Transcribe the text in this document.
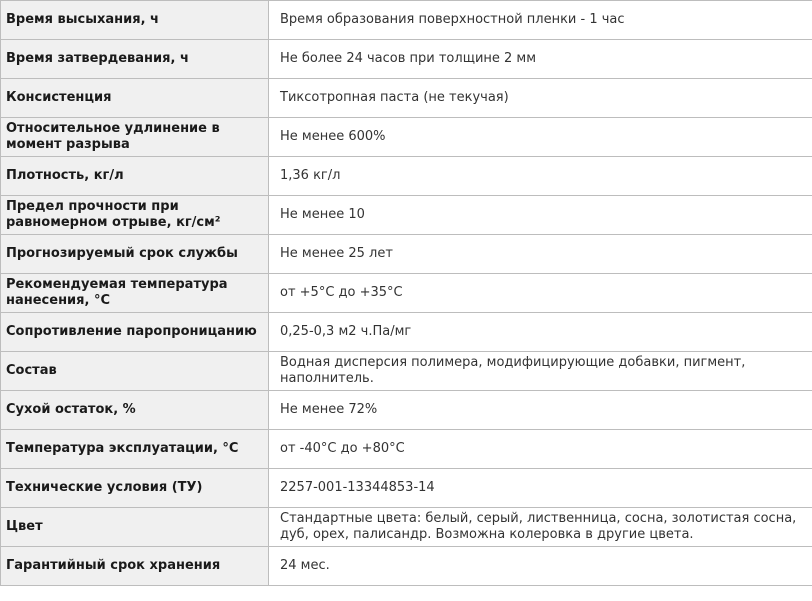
Время высыхания, ч	Время образования поверхностной пленки - 1 час
Время затвердевания, ч	Не более 24 часов при толщине 2 мм
Консистенция	Тиксотропная паста (не текучая)
Относительное удлинение в момент разрыва	Не менее 600%
Плотность, кг/л	1,36 кг/л
Предел прочности при равномерном отрыве, кг/см²	Не менее 10
Прогнозируемый срок службы	Не менее 25 лет
Рекомендуемая температура нанесения, °С	от +5°С до +35°С
Сопротивление паропроницанию	0,25-0,3 м2 ч.Па/мг
Состав	Водная дисперсия полимера, модифицирующие добавки, пигмент, наполнитель.
Сухой остаток, %	Не менее 72%
Температура эксплуатации, °С	от -40°С до +80°С
Технические условия (ТУ)	2257-001-13344853-14
Цвет	Стандартные цвета: белый, серый, лиственница, сосна, золотистая сосна, дуб, орех, палисандр. Возможна колеровка в другие цвета.
Гарантийный срок хранения	24 мес.
